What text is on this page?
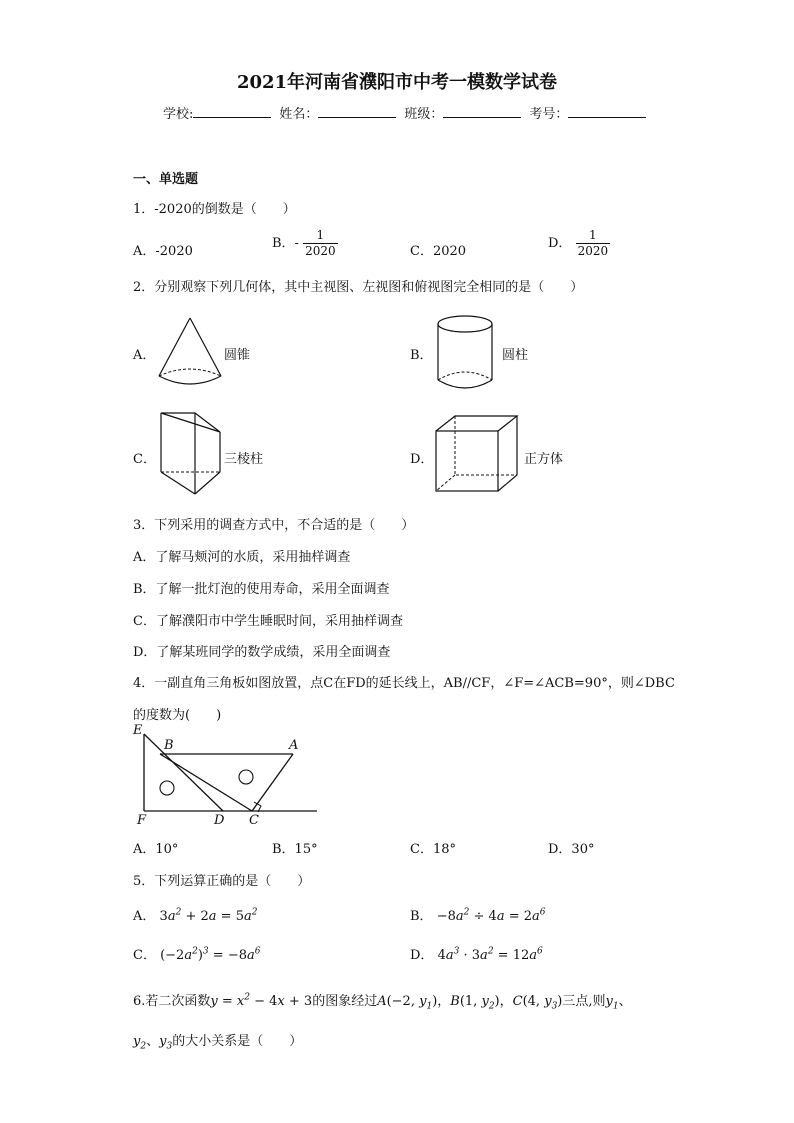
2021年河南省濮阳市中考一模数学试卷
学校:	姓名：	班级：	考号：
一、单选题
1．-2020的倒数是（　　）
A．-2020
B．- $\frac{1}{2020}$	C．2020
D． $\frac{1}{2020}$
2．分别观察下列几何体，其中主视图、左视图和俯视图完全相同的是（　　）
A．	圆锥	B．	圆柱
C．	三棱柱	D．	正方体
3．下列采用的调查方式中，不合适的是（　　）
A．了解马颊河的水质，采用抽样调查
B．了解一批灯泡的使用寿命，采用全面调查
C．了解濮阳市中学生睡眠时间，采用抽样调查
D．了解某班同学的数学成绩，采用全面调查
4．一副直角三角板如图放置，点C在FD的延长线上，AB//CF，∠F=∠ACB=90°，则∠DBC
的度数为(　　)
E
B	A
F	D C
A．10°	B．15°	C．18°	D．30°
5．下列运算正确的是（　　）
A． $3a^2 + 2a = 5a^2$	B． $-8a^2 \div 4a = 2a^6$
C． $(-2a^2)^3 = -8a^6$	D． $4a^3 \cdot 3a^2 = 12a^6$
6.若二次函数$y = x^2 - 4x + 3$的图象经过A(−2, $y_1$)，B(1, $y_2$)，C(4, $y_3$)三点,则$y_1$、
$y_2$、$y_3$的大小关系是（　　）
